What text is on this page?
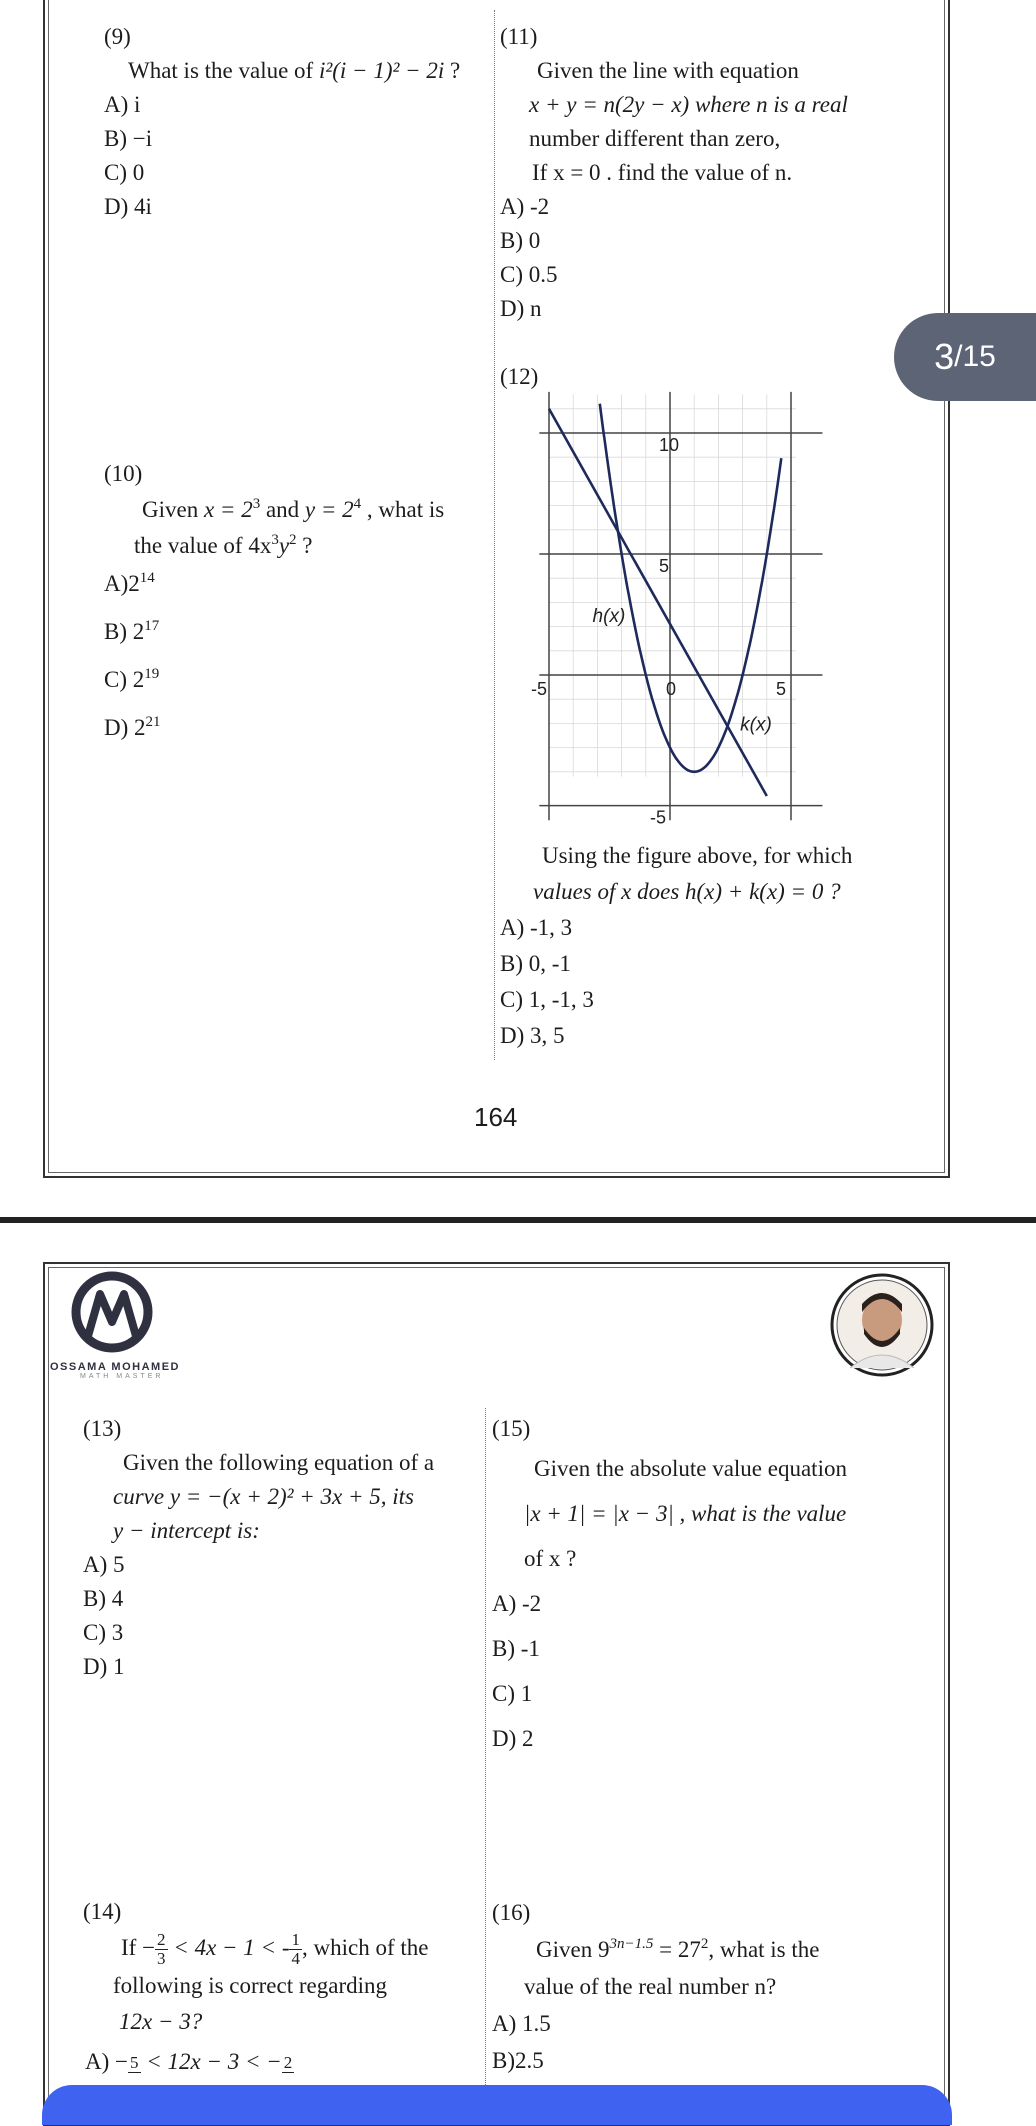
(9)
What is the value of i²(i − 1)² − 2i ?
A) i
B) −i
C) 0
D) 4i
(10)
Given $x = 2^3$ and $y = 2^4$ , what is
the value of $4x^3y^2$ ?
$A)2^{14}$
B) $2^{17}$
C) $2^{19}$
D) $2^{21}$
(11)
Given the line with equation
x + y = n(2y − x) where n is a real
number different than zero,
If x = 0 . find the value of n.
A) -2
B) 0
C) 0.5
D) n
(12)
10
5
-5	0	5
-5
h(x)
k(x)
Using the figure above, for which
values of x does h(x) + k(x) = 0 ?
A) -1, 3
B) 0, -1
C) 1, -1, 3
D) 3, 5
164
3 /15
OSSAMA MOHAMED
MATH MASTER
(13)
Given the following equation of a
curve y = −(x + 2)² + 3x + 5, its
y − intercept is:
A) 5
B) 4
C) 3
D) 1
(14)
$If - \frac{2}{3} < 4x - 1$ < - $\frac{1}{4}$ , which of the
following is correct regarding
12x − 3?
A) − 5 < 12x − 3 < − 2
(15)
Given the absolute value equation
|x + 1| = |x − 3| , what is the value
of x ?
A) -2
B) -1
C) 1
D) 2
(16)
Given $9^{3n-1.5} = 27^2$, what is the
value of the real number n?
A) 1.5
B)2.5
